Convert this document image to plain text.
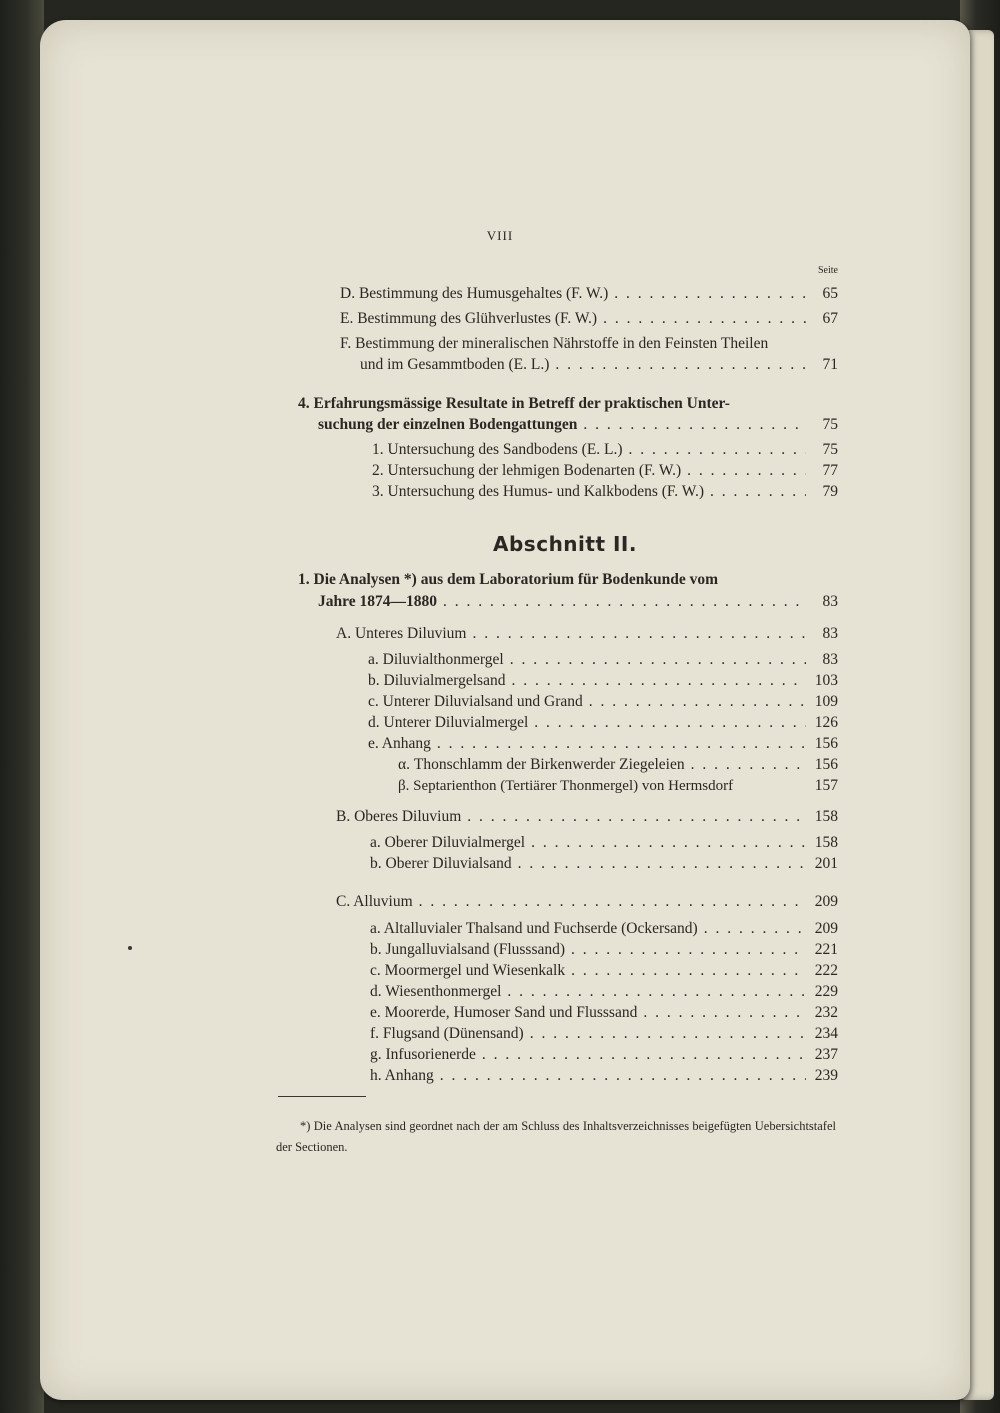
VIII
Seite
D. Bestimmung des Humusgehaltes (F. W.) . . .	65
E. Bestimmung des Glühverlustes (F. W.) . . .	67
F. Bestimmung der mineralischen Nährstoffe in den Feinsten Theilen
und im Gesammtboden (E. L.) . . .	71
4. Erfahrungsmässige Resultate in Betreff der praktischen Unter-
suchung der einzelnen Bodengattungen . . .	75
1. Untersuchung des Sandbodens (E. L.) . . .	75
2. Untersuchung der lehmigen Bodenarten (F. W.) . . .	77
3. Untersuchung des Humus- und Kalkbodens (F. W.) . . .	79
Abschnitt II.
1. Die Analysen *) aus dem Laboratorium für Bodenkunde vom
Jahre 1874—1880 . . .	83
A. Unteres Diluvium . . .	83
a. Diluvialthonmergel . . .	83
b. Diluvialmergelsand . . .	103
c. Unterer Diluvialsand und Grand . . .	109
d. Unterer Diluvialmergel . . .	126
e. Anhang . . .	156
α. Thonschlamm der Birkenwerder Ziegeleien . . .	156
β. Septarienthon (Tertiärer Thonmergel) von Hermsdorf	157
B. Oberes Diluvium . . .	158
a. Oberer Diluvialmergel . . .	158
b. Oberer Diluvialsand . . .	201
C. Alluvium . . .	209
a. Altalluvialer Thalsand und Fuchserde (Ockersand) . . .	209
b. Jungalluvialsand (Flusssand) . . .	221
c. Moormergel und Wiesenkalk . . .	222
d. Wiesenthonmergel . . .	229
e. Moorerde, Humoser Sand und Flusssand . . .	232
f. Flugsand (Dünensand) . . .	234
g. Infusorienerde . . .	237
h. Anhang . . .	239
*) Die Analysen sind geordnet nach der am Schluss des Inhaltsverzeichnisses beigefügten Uebersichtstafel der Sectionen.
